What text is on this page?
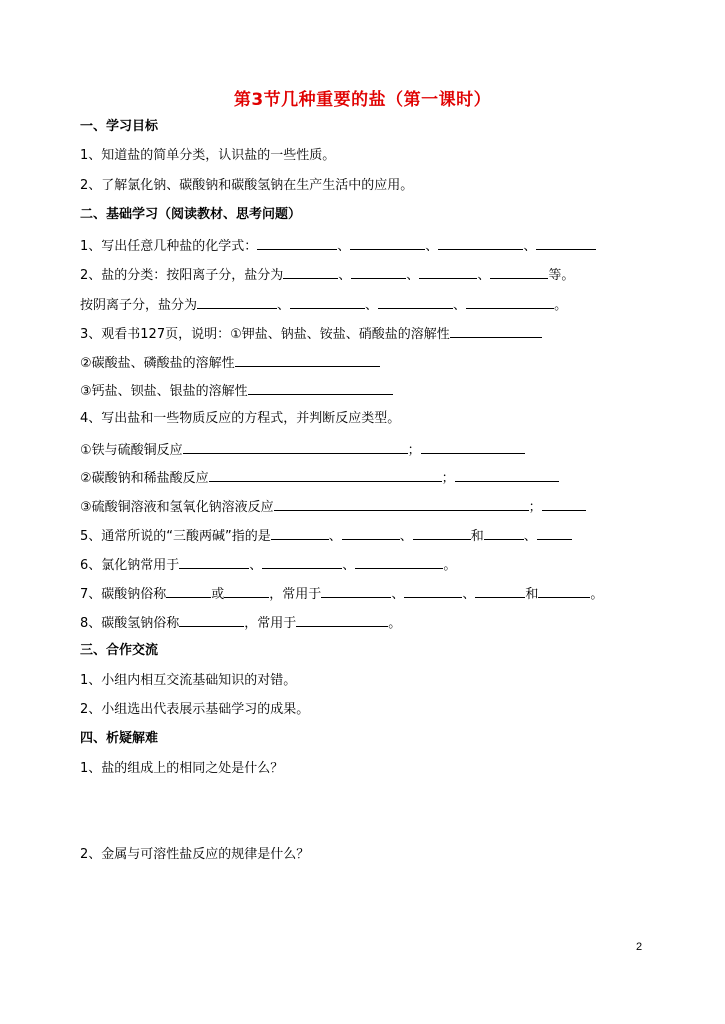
第3节几种重要的盐（第一课时）
一、学习目标
1、知道盐的简单分类，认识盐的一些性质。
2、了解氯化钠、碳酸钠和碳酸氢钠在生产生活中的应用。
二、基础学习（阅读教材、思考问题）
1、写出任意几种盐的化学式：	、	、	、
2、盐的分类：按阳离子分，盐分为	、	、	、	等。
按阴离子分，盐分为	、	、	、	。
3、观看书127页，说明：①钾盐、钠盐、铵盐、硝酸盐的溶解性
②碳酸盐、磷酸盐的溶解性
③钙盐、钡盐、银盐的溶解性
4、写出盐和一些物质反应的方程式，并判断反应类型。
①铁与硫酸铜反应	；
②碳酸钠和稀盐酸反应	；
③硫酸铜溶液和氢氧化钠溶液反应	；
5、通常所说的“三酸两碱”指的是	、	、	和	、
6、氯化钠常用于	、	、	。
7、碳酸钠俗称	或	，常用于	、	、	和	。
8、碳酸氢钠俗称	，常用于	。
三、合作交流
1、小组内相互交流基础知识的对错。
2、小组选出代表展示基础学习的成果。
四、析疑解难
1、盐的组成上的相同之处是什么？
2、金属与可溶性盐反应的规律是什么？
2
